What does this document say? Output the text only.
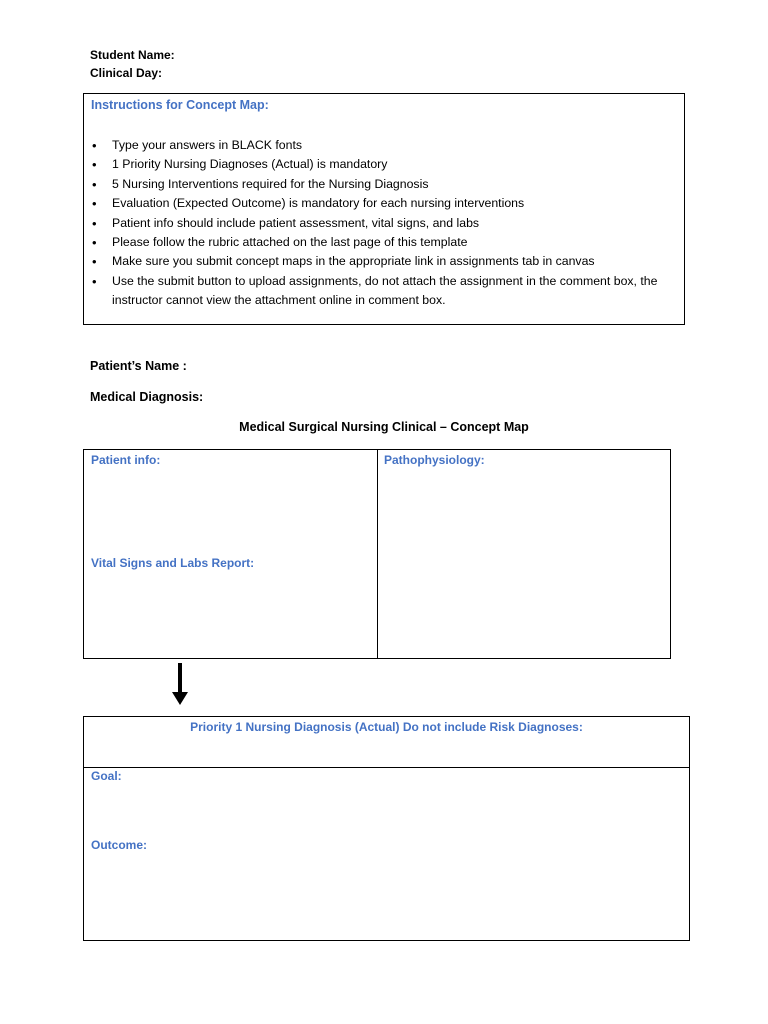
Student Name:
Clinical Day:
Instructions for Concept Map:
• Type your answers in BLACK fonts
• 1 Priority Nursing Diagnoses (Actual) is mandatory
• 5 Nursing Interventions required for the Nursing Diagnosis
• Evaluation (Expected Outcome) is mandatory for each nursing interventions
• Patient info should include patient assessment, vital signs, and labs
• Please follow the rubric attached on the last page of this template
• Make sure you submit concept maps in the appropriate link in assignments tab in canvas
• Use the submit button to upload assignments, do not attach the assignment in the comment box, the instructor cannot view the attachment online in comment box.
Patient’s Name :
Medical Diagnosis:
Medical Surgical Nursing Clinical – Concept Map
Patient info:
Vital Signs and Labs Report:
Pathophysiology:
Priority 1 Nursing Diagnosis (Actual) Do not include Risk Diagnoses:
Goal:
Outcome:
